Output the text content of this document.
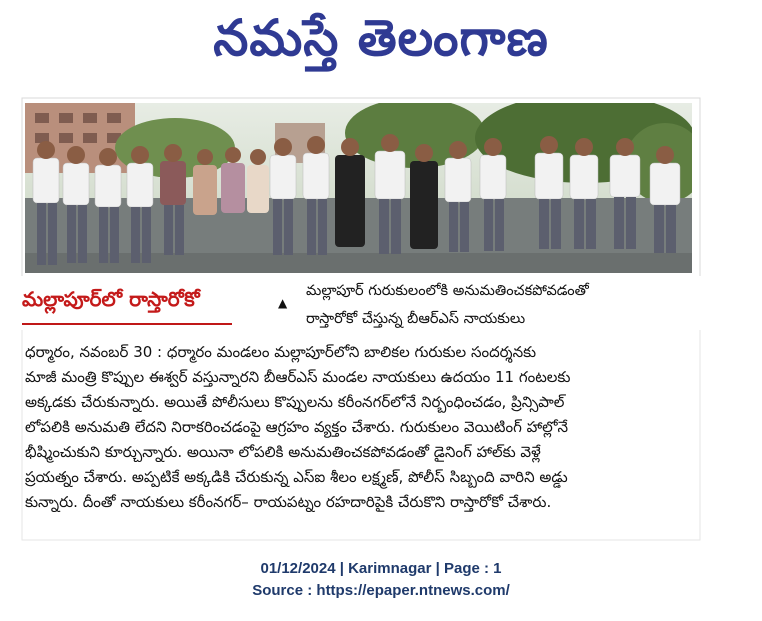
నమస్తే తెలంగాణ
మల్లాపూర్‌లో రాస్తారోకో	▲
మల్లాపూర్ గురుకులంలోకి అనుమతించకపోవడంతో
రాస్తారోకో చేస్తున్న బీఆర్‌ఎస్ నాయకులు
ధర్మారం, నవంబర్ 30 : ధర్మారం మండలం మల్లాపూర్‌లోని బాలికల గురుకుల సందర్శనకు
మాజీ మంత్రి కొప్పుల ఈశ్వర్ వస్తున్నారని బీఆర్‌ఎస్ మండల నాయకులు ఉదయం 11 గంటలకు
అక్కడకు చేరుకున్నారు. అయితే పోలీసులు కొప్పులను కరీంనగర్‌లోనే నిర్బంధించడం, ప్రిన్సిపాల్
లోపలికి అనుమతి లేదని నిరాకరించడంపై ఆగ్రహం వ్యక్తం చేశారు. గురుకులం వెయిటింగ్ హాల్లోనే
భీష్మించుకుని కూర్చున్నారు. అయినా లోపలికి అనుమతించకపోవడంతో డైనింగ్ హాల్‌కు వెళ్లే
ప్రయత్నం చేశారు. అప్పటికే అక్కడికి చేరుకున్న ఎస్‌ఐ శీలం లక్ష్మణ్, పోలీస్ సిబ్బంది వారిని అడ్డు
కున్నారు. దీంతో నాయకులు కరీంనగర్– రాయపట్నం రహదారిపైకి చేరుకొని రాస్తారోకో చేశారు.
01/12/2024 | Karimnagar | Page : 1
Source : https://epaper.ntnews.com/
